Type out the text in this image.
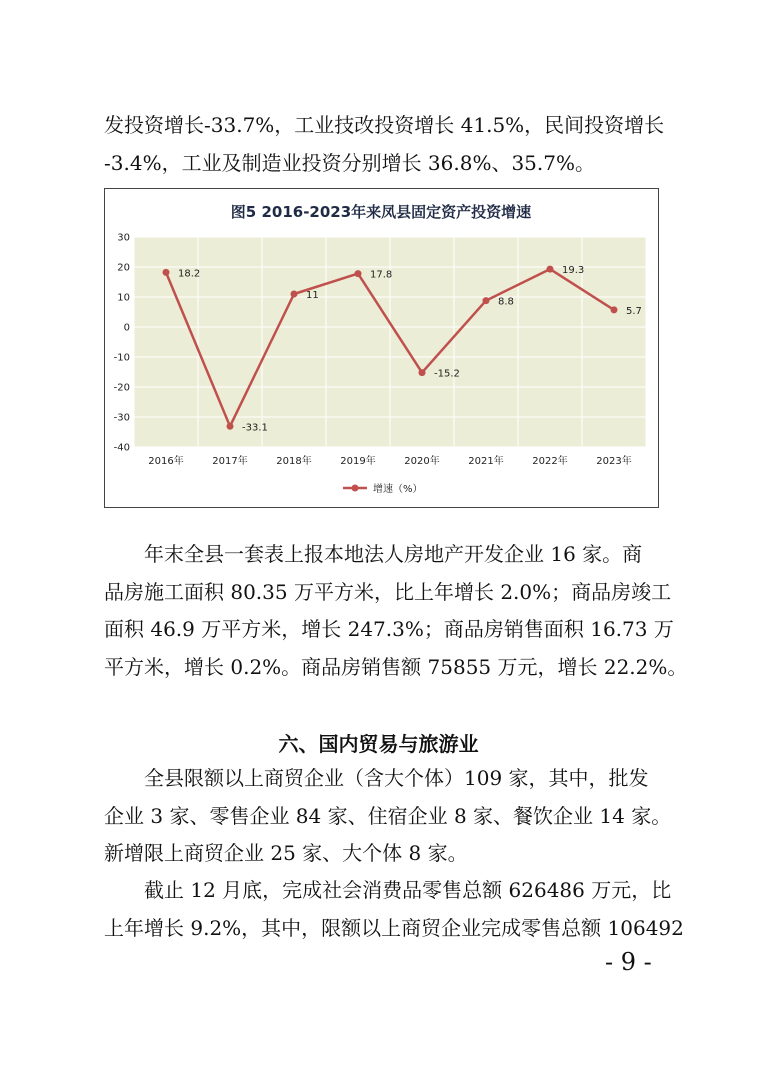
发投资增长-33.7%，工业技改投资增长 41.5%，民间投资增长
-3.4%，工业及制造业投资分别增长 36.8%、35.7%。
图5 2016-2023年来凤县固定资产投资增速
30
20
10
0
-10
-20
-30
-40
2016年	2017年	2018年	2019年	2020年	2021年	2022年	2023年
18.2
-33.1
11
17.8
-15.2
8.8
19.3
5.7
增速（%）
年末全县一套表上报本地法人房地产开发企业 16 家。商
品房施工面积 80.35 万平方米，比上年增长 2.0%；商品房竣工
面积 46.9 万平方米，增长 247.3%；商品房销售面积 16.73 万
平方米，增长 0.2%。商品房销售额 75855 万元，增长 22.2%。
六、国内贸易与旅游业
全县限额以上商贸企业（含大个体）109 家，其中，批发
企业 3 家、零售企业 84 家、住宿企业 8 家、餐饮企业 14 家。
新增限上商贸企业 25 家、大个体 8 家。
截止 12 月底，完成社会消费品零售总额 626486 万元，比
上年增长 9.2%，其中，限额以上商贸企业完成零售总额 106492
- 9 -
